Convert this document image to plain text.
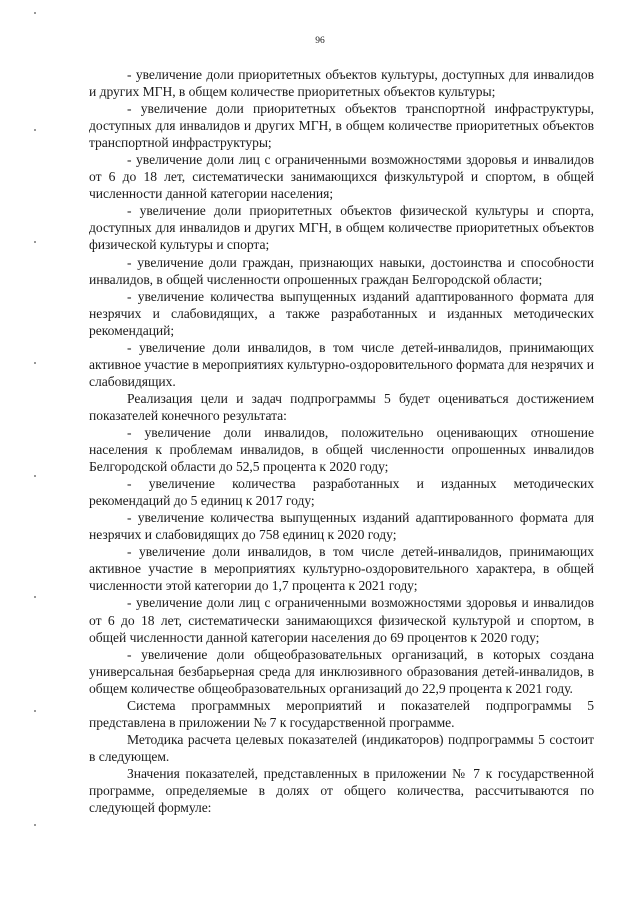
96

- увеличение доли приоритетных объектов культуры, доступных для инвалидов и других МГН, в общем количестве приоритетных объектов культуры;

- увеличение доли приоритетных объектов транспортной инфраструктуры, доступных для инвалидов и других МГН, в общем количестве приоритетных объектов транспортной инфраструктуры;

- увеличение доли лиц с ограниченными возможностями здоровья и инвалидов от 6 до 18 лет, систематически занимающихся физкультурой и спортом, в общей численности данной категории населения;

- увеличение доли приоритетных объектов физической культуры и спорта, доступных для инвалидов и других МГН, в общем количестве приоритетных объектов физической культуры и спорта;

- увеличение доли граждан, признающих навыки, достоинства и способности инвалидов, в общей численности опрошенных граждан Белгородской области;

- увеличение количества выпущенных изданий адаптированного формата для незрячих и слабовидящих, а также разработанных и изданных методических рекомендаций;

- увеличение доли инвалидов, в том числе детей-инвалидов, принимающих активное участие в мероприятиях культурно-оздоровительного формата для незрячих и слабовидящих.

Реализация цели и задач подпрограммы 5 будет оцениваться достижением показателей конечного результата:

- увеличение доли инвалидов, положительно оценивающих отношение населения к проблемам инвалидов, в общей численности опрошенных инвалидов Белгородской области до 52,5 процента к 2020 году;

- увеличение количества разработанных и изданных методических рекомендаций до 5 единиц к 2017 году;

- увеличение количества выпущенных изданий адаптированного формата для незрячих и слабовидящих до 758 единиц к 2020 году;

- увеличение доли инвалидов, в том числе детей-инвалидов, принимающих активное участие в мероприятиях культурно-оздоровительного характера, в общей численности этой категории до 1,7 процента к 2021 году;

- увеличение доли лиц с ограниченными возможностями здоровья и инвалидов от 6 до 18 лет, систематически занимающихся физической культурой и спортом, в общей численности данной категории населения до 69 процентов к 2020 году;

- увеличение доли общеобразовательных организаций, в которых создана универсальная безбарьерная среда для инклюзивного образования детей-инвалидов, в общем количестве общеобразовательных организаций до 22,9 процента к 2021 году.

Система программных мероприятий и показателей подпрограммы 5 представлена в приложении № 7 к государственной программе.

Методика расчета целевых показателей (индикаторов) подпрограммы 5 состоит в следующем.

Значения показателей, представленных в приложении № 7 к государственной программе, определяемые в долях от общего количества, рассчитываются по следующей формуле:
